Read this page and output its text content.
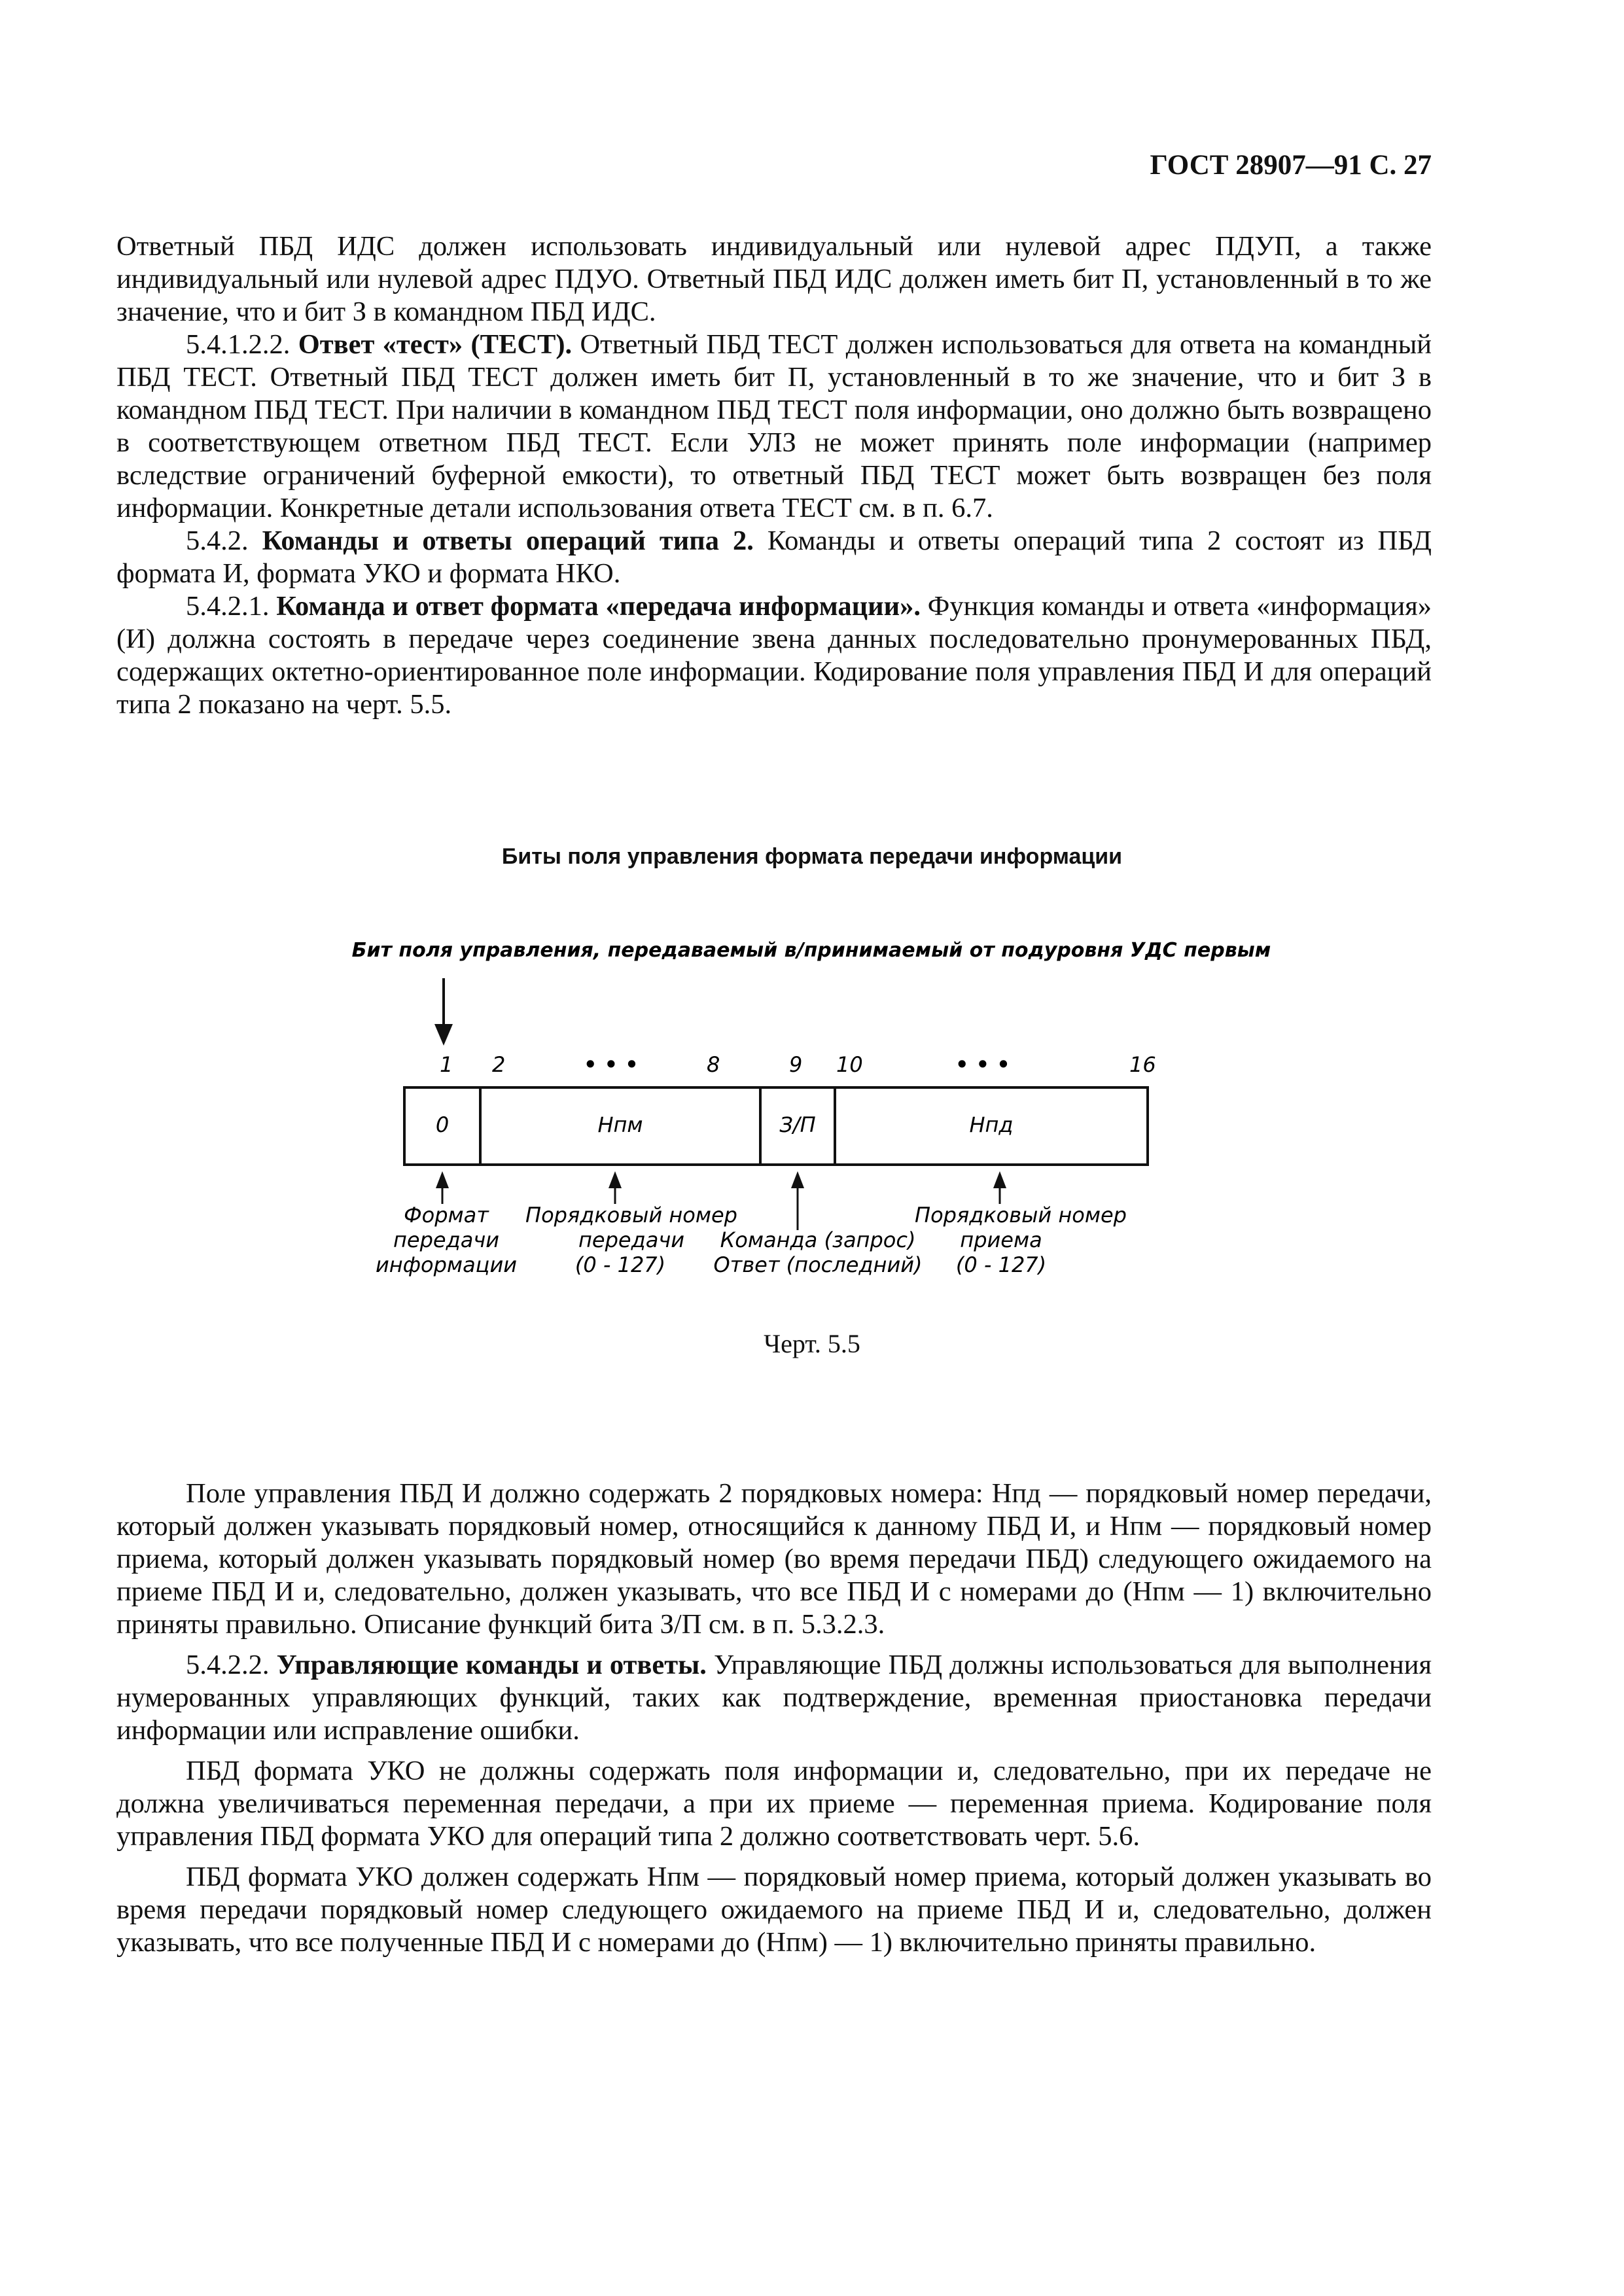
ГОСТ 28907—91 С. 27

Ответный ПБД ИДС должен использовать индивидуальный или нулевой адрес ПДУП, а также индивидуальный или нулевой адрес ПДУО. Ответный ПБД ИДС должен иметь бит П, установленный в то же значение, что и бит З в командном ПБД ИДС.

5.4.1.2.2. Ответ «тест» (ТЕСТ). Ответный ПБД ТЕСТ должен использоваться для ответа на командный ПБД ТЕСТ. Ответный ПБД ТЕСТ должен иметь бит П, установленный в то же значение, что и бит З в командном ПБД ТЕСТ. При наличии в командном ПБД ТЕСТ поля информации, оно должно быть возвращено в соответствующем ответном ПБД ТЕСТ. Если УЛЗ не может принять поле информации (например вследствие ограничений буферной емкости), то ответный ПБД ТЕСТ может быть возвращен без поля информации. Конкретные детали использования ответа ТЕСТ см. в п. 6.7.

5.4.2. Команды и ответы операций типа 2. Команды и ответы операций типа 2 состоят из ПБД формата И, формата УКО и формата НКО.

5.4.2.1. Команда и ответ формата «передача информации». Функция команды и ответа «информация» (И) должна состоять в передаче через соединение звена данных последовательно пронумерованных ПБД, содержащих октетно-ориентированное поле информации. Кодирование поля управления ПБД И для операций типа 2 показано на черт. 5.5.

Биты поля управления формата передачи информации
Бит поля управления, передаваемый в/принимаемый от подуровня УДС первым
1 2	• • •	8	9 10	• • •	16
0	Нпм	З/П	Нпд
Формат
передачи
информации
Порядковый номер
передачи
(0 - 127)
Команда (запрос)
Ответ (последний)
Порядковый номер
приема
(0 - 127)
Черт. 5.5

Поле управления ПБД И должно содержать 2 порядковых номера: Нпд — порядковый номер передачи, который должен указывать порядковый номер, относящийся к данному ПБД И, и Нпм — порядковый номер приема, который должен указывать порядковый номер (во время передачи ПБД) следующего ожидаемого на приеме ПБД И и, следовательно, должен указывать, что все ПБД И с номерами до (Нпм — 1) включительно приняты правильно. Описание функций бита З/П см. в п. 5.3.2.3.

5.4.2.2. Управляющие команды и ответы. Управляющие ПБД должны использоваться для выполнения нумерованных управляющих функций, таких как подтверждение, временная приостановка передачи информации или исправление ошибки.

ПБД формата УКО не должны содержать поля информации и, следовательно, при их передаче не должна увеличиваться переменная передачи, а при их приеме — переменная приема. Кодирование поля управления ПБД формата УКО для операций типа 2 должно соответствовать черт. 5.6.

ПБД формата УКО должен содержать Нпм — порядковый номер приема, который должен указывать во время передачи порядковый номер следующего ожидаемого на приеме ПБД И и, следовательно, должен указывать, что все полученные ПБД И с номерами до (Нпм) — 1) включительно приняты правильно.
